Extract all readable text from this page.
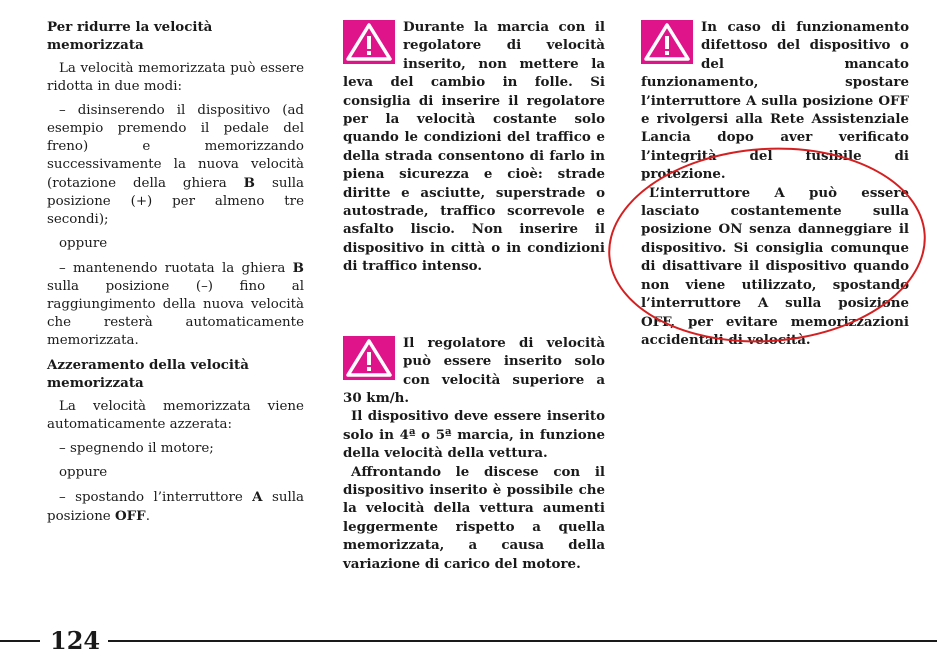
Per ridurre la velocità memorizzata
La velocità memorizzata può essere ridotta in due modi:
– disinserendo il dispositivo (ad esempio premendo il pedale del freno) e memorizzando successivamente la nuova velocità (rotazione della ghiera B sulla posizione (+) per almeno tre secondi);
oppure
– mantenendo ruotata la ghiera B sulla posizione (–) fino al raggiungimento della nuova velocità che resterà automaticamente memorizzata.
Azzeramento della velocità memorizzata
La velocità memorizzata viene automaticamente azzerata:
– spegnendo il motore;
oppure
– spostando l’interruttore A sulla posizione OFF.

Durante la marcia con il regolatore di velocità inserito, non mettere la leva del cambio in folle. Si consiglia di inserire il regolatore per la velocità costante solo quando le condizioni del traffico e della strada consentono di farlo in piena sicurezza e cioè: strade diritte e asciutte, superstrade o autostrade, traffico scorrevole e asfalto liscio. Non inserire il dispositivo in città o in condizioni di traffico intenso.

Il regolatore di velocità può essere inserito solo con velocità superiore a 30 km/h.

Il dispositivo deve essere inserito solo in 4ª o 5ª marcia, in funzione della velocità della vettura.

Affrontando le discese con il dispositivo inserito è possibile che la velocità della vettura aumenti leggermente rispetto a quella memorizzata, a causa della variazione di carico del motore.

In caso di funzionamento difettoso del dispositivo o del mancato funzionamento, spostare l’interruttore A sulla posizione OFF e rivolgersi alla Rete Assistenziale Lancia dopo aver verificato l’integrità del fusibile di protezione.

L’interruttore A può essere lasciato costantemente sulla posizione ON senza danneggiare il dispositivo. Si consiglia comunque di disattivare il dispositivo quando non viene utilizzato, spostando l’interruttore A sulla posizione OFF, per evitare memorizzazioni accidentali di velocità.

124
